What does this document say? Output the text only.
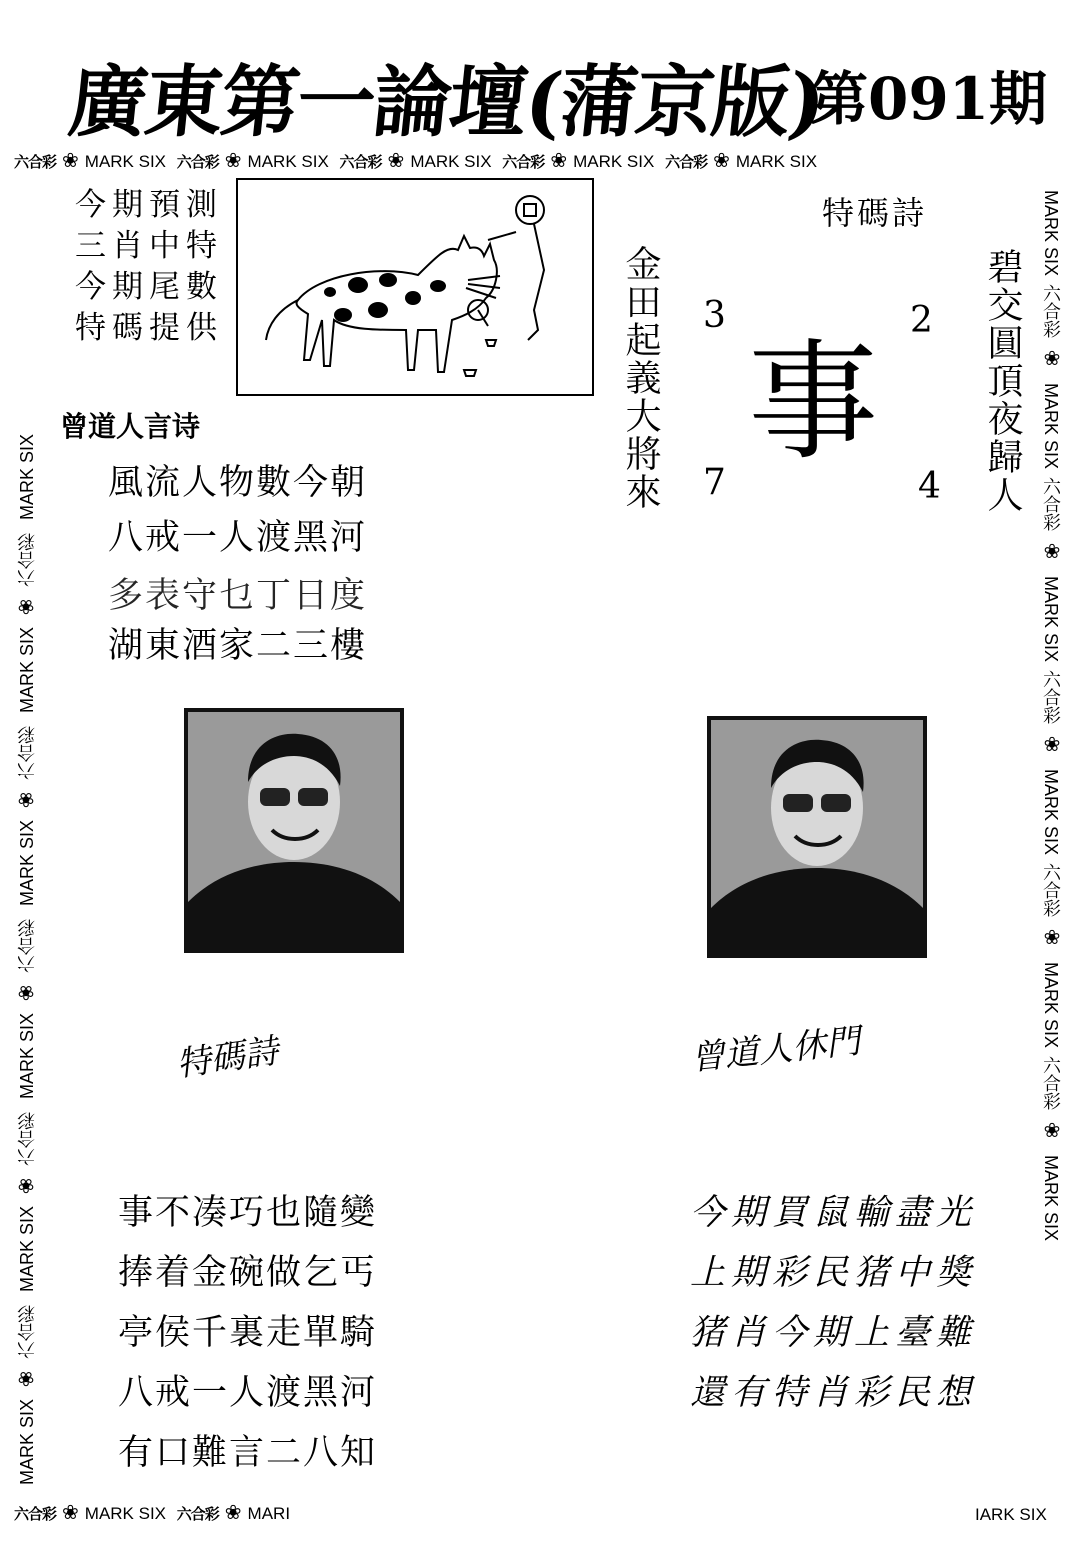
廣東第一論壇(蒲京版)
第091期
六合彩 ❀ MARK SIX 六合彩 ❀ MARK SIX 六合彩 ❀ MARK SIX 六合彩 ❀ MARK SIX 六合彩 ❀ MARK SIX
六合彩 ❀ MARK SIX 六合彩 ❀ MARI	IARK SIX
MARK SIX❀六合彩 MARK SIX❀六合彩 MARK SIX❀六合彩 MARK SIX❀六合彩 MARK SIX❀六合彩 MARK SIX
MARK SIX六合彩❀ MARK SIX六合彩❀ MARK SIX六合彩❀ MARK SIX六合彩❀ MARK SIX六合彩❀ MARK SIX
今期預測
三肖中特
今期尾數
特碼提供
曾道人言诗
風流人物數今朝
八戒一人渡黑河
多表守乜丁日度
湖東酒家二三樓
金田起義大將來 3	2
事
7	4
特碼詩
碧交圓頂夜歸人
特碼詩
事不凑巧也隨變
捧着金碗做乞丐
亭侯千裏走單騎
八戒一人渡黑河
有口難言二八知
曾道人休門
今期買鼠輸盡光
上期彩民猪中獎
猪肖今期上臺難
還有特肖彩民想
